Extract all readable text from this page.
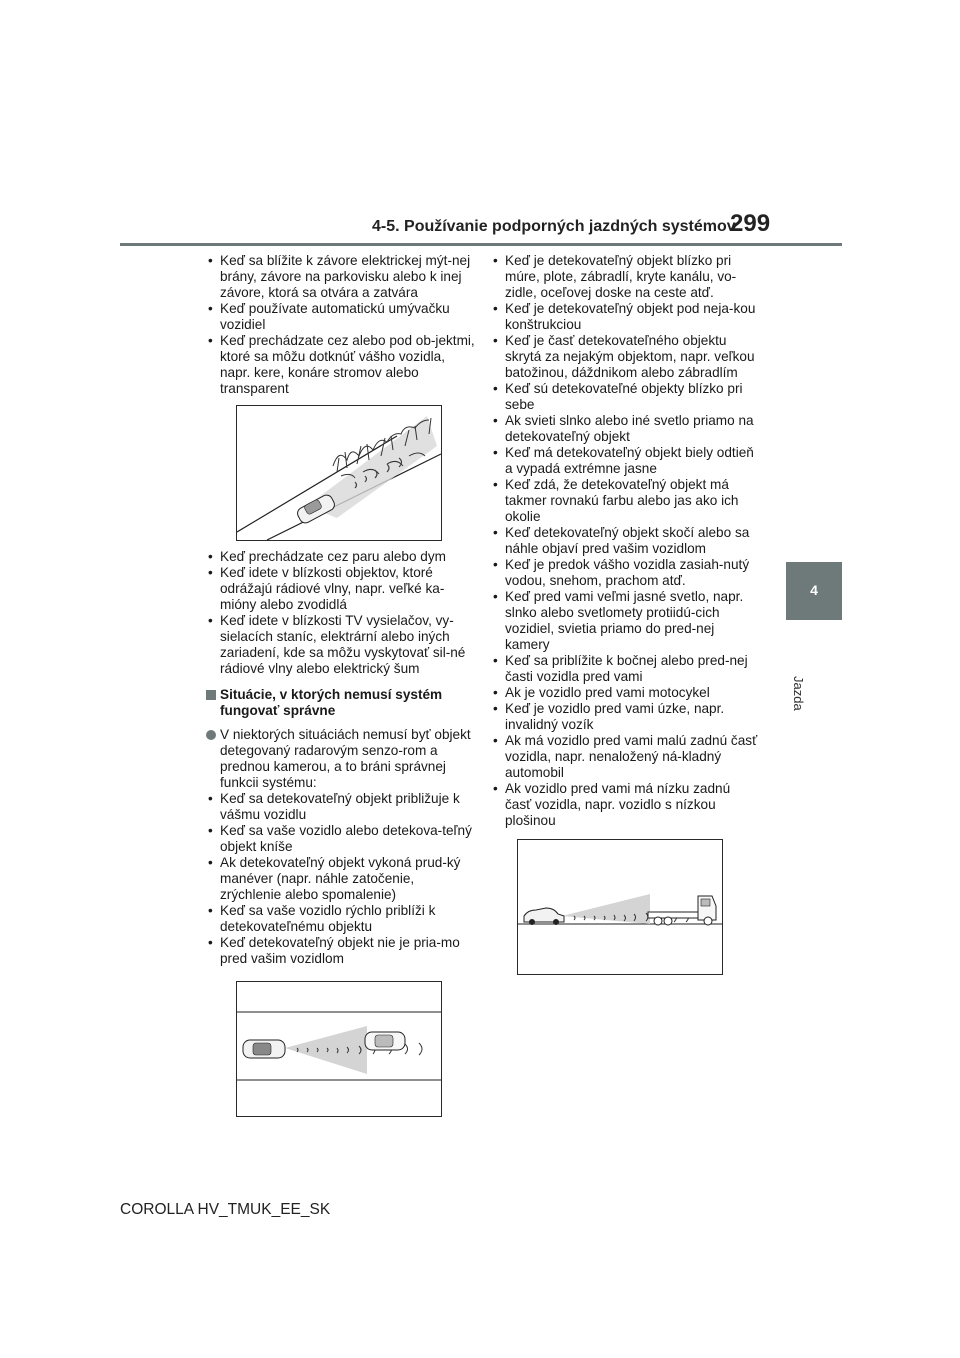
4-5. Používanie podporných jazdných systémov
299
4
Jazda
• Keď sa blížite k závore elektrickej mýt-nej brány, závore na parkovisku alebo k inej závore, ktorá sa otvára a zatvára
• Keď používate automatickú umývačku vozidiel
• Keď prechádzate cez alebo pod ob-jektmi, ktoré sa môžu dotknúť vášho vozidla, napr. kere, konáre stromov alebo transparent
• Keď prechádzate cez paru alebo dym
• Keď idete v blízkosti objektov, ktoré odrážajú rádiové vlny, napr. veľké ka-mióny alebo zvodidlá
• Keď idete v blízkosti TV vysielačov, vy-sielacích staníc, elektrární alebo iných zariadení, kde sa môžu vyskytovať sil-né rádiové vlny alebo elektrický šum
Situácie, v ktorých nemusí systém fungovať správne
V niektorých situáciách nemusí byť objekt detegovaný radarovým senzo-rom a prednou kamerou, a to bráni správnej funkcii systému:
• Keď sa detekovateľný objekt približuje k vášmu vozidlu
• Keď sa vaše vozidlo alebo detekova-teľný objekt kníše
• Ak detekovateľný objekt vykoná prud-ký manéver (napr. náhle zatočenie, zrýchlenie alebo spomalenie)
• Keď sa vaše vozidlo rýchlo priblíži k detekovateľnému objektu
• Keď detekovateľný objekt nie je pria-mo pred vašim vozidlom
• Keď je detekovateľný objekt blízko pri múre, plote, zábradlí, kryte kanálu, vo-zidle, oceľovej doske na ceste atď.
• Keď je detekovateľný objekt pod neja-kou konštrukciou
• Keď je časť detekovateľného objektu skrytá za nejakým objektom, napr. veľkou batožinou, dáždnikom alebo zábradlím
• Keď sú detekovateľné objekty blízko pri sebe
• Ak svieti slnko alebo iné svetlo priamo na detekovateľný objekt
• Keď má detekovateľný objekt biely odtieň a vypadá extrémne jasne
• Keď zdá, že detekovateľný objekt má takmer rovnakú farbu alebo jas ako ich okolie
• Keď detekovateľný objekt skočí alebo sa náhle objaví pred vašim vozidlom
• Keď je predok vášho vozidla zasiah-nutý vodou, snehom, prachom atď.
• Keď pred vami veľmi jasné svetlo, napr. slnko alebo svetlomety protiidú-cich vozidiel, svietia priamo do pred-nej kamery
• Keď sa priblížite k bočnej alebo pred-nej časti vozidla pred vami
• Ak je vozidlo pred vami motocykel
• Keď je vozidlo pred vami úzke, napr. invalidný vozík
• Ak má vozidlo pred vami malú zadnú časť vozidla, napr. nenaložený ná-kladný automobil
• Ak vozidlo pred vami má nízku zadnú časť vozidla, napr. vozidlo s nízkou plošinou
COROLLA HV_TMUK_EE_SK
